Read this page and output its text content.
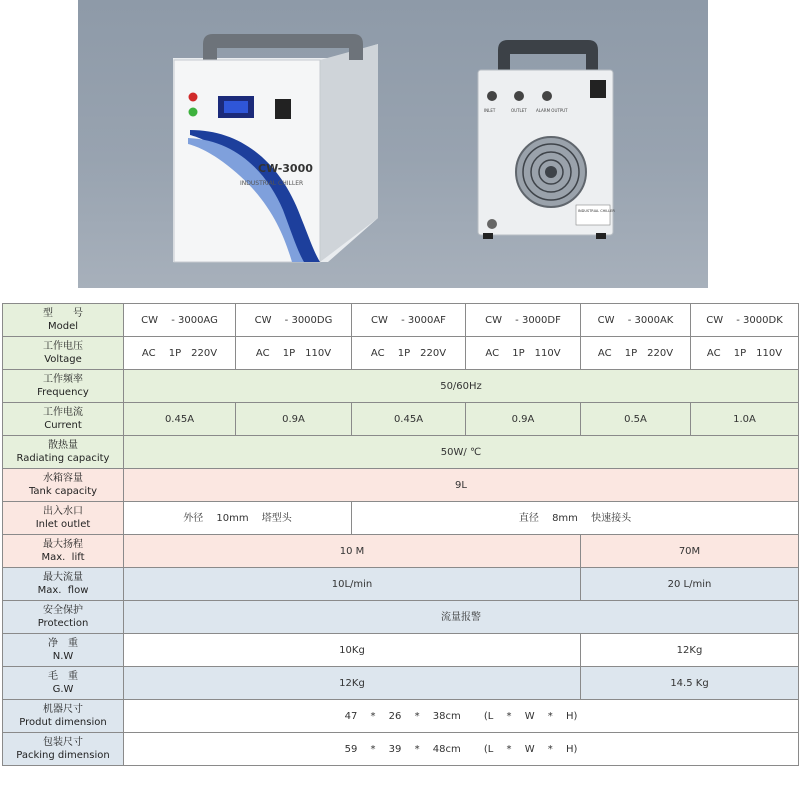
CW-3000
INDUSTRIAL CHILLER
INLET	OUTLET ALARM OUTPUT
INDUSTRIAL CHILLER
型　　号
Model	CW　 - 3000AG	CW　 - 3000DG	CW　 - 3000AF	CW　 - 3000DF	CW　 - 3000AK	CW　 - 3000DK
工作电压
Voltage	AC　 1P　220V	AC　 1P　110V	AC　 1P　220V	AC　 1P　110V	AC　 1P　220V	AC　 1P　110V
工作频率
Frequency	50/60Hz					
工作电流
Current	0.45A	0.9A	0.45A	0.9A	0.5A	1.0A
散热量
Radiating capacity	50W/ ℃					
水箱容量
Tank capacity	9L					
出入水口
Inlet outlet	外径　 10mm　 塔型头		直径　 8mm　 快速接头			
最大扬程
Max.  lift	10 M				70M	
最大流量
Max.  flow	10L/min				20 L/min	
安全保护
Protection	流量报警					
净　重
N.W	10Kg				12Kg	
毛　重
G.W	12Kg				14.5 Kg	
机器尺寸
Produt dimension	47　 *　 26　 *　 38cm　　 (L　 *　 W　 *　 H)					
包装尺寸
Packing dimension	59　 *　 39　 *　 48cm　　 (L　 *　 W　 *　 H)					
